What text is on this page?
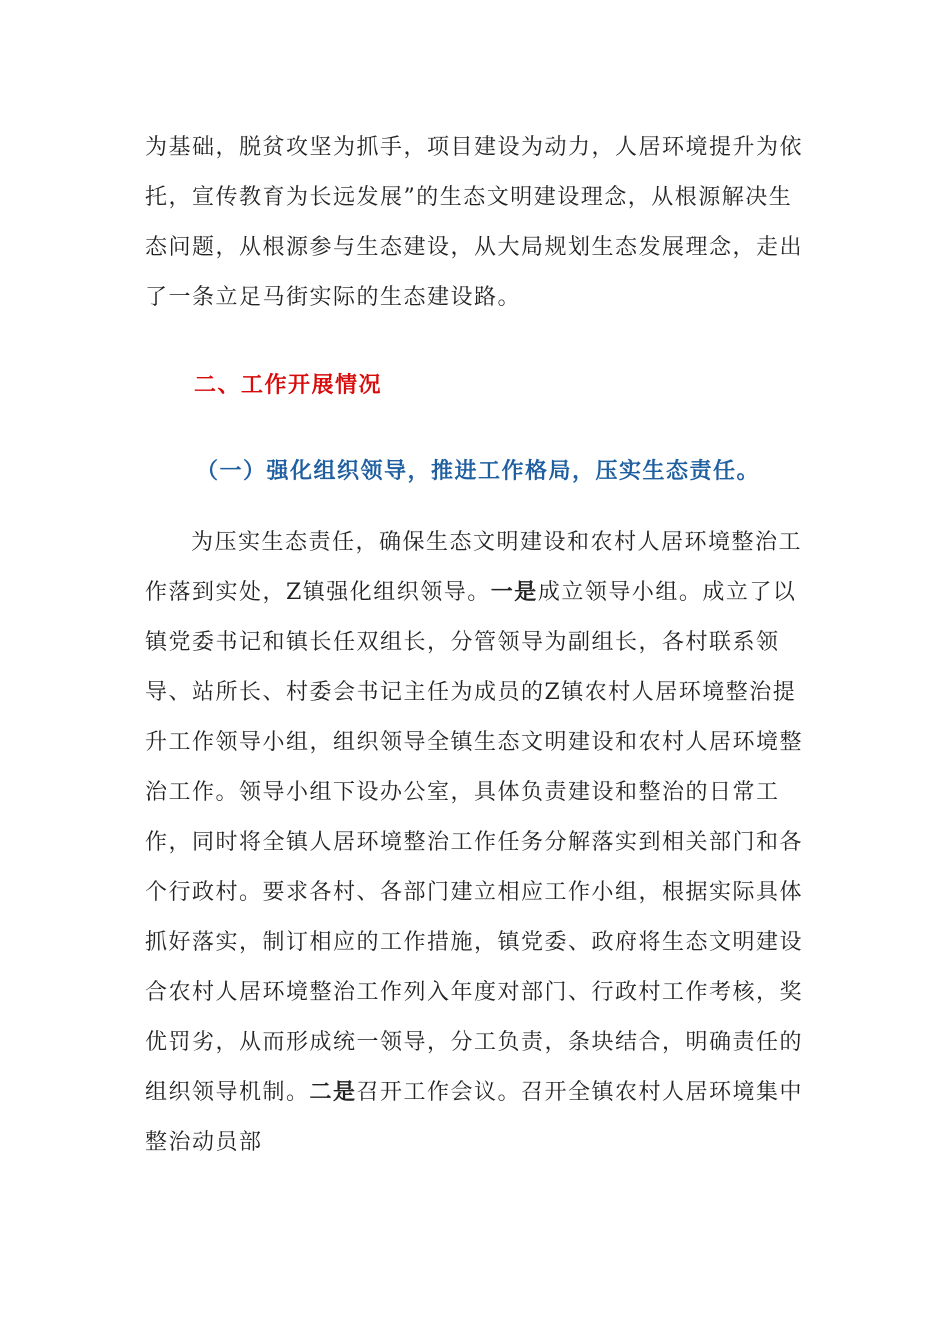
为基础，脱贫攻坚为抓手，项目建设为动力，人居环境提升为依托，宣传教育为长远发展”的生态文明建设理念，从根源解决生态问题，从根源参与生态建设，从大局规划生态发展理念，走出了一条立足马街实际的生态建设路。

二、工作开展情况
（一）强化组织领导，推进工作格局，压实生态责任。

为压实生态责任，确保生态文明建设和农村人居环境整治工作落到实处，Z镇强化组织领导。一是成立领导小组。成立了以镇党委书记和镇长任双组长，分管领导为副组长，各村联系领导、站所长、村委会书记主任为成员的Z镇农村人居环境整治提升工作领导小组，组织领导全镇生态文明建设和农村人居环境整治工作。领导小组下设办公室，具体负责建设和整治的日常工作，同时将全镇人居环境整治工作任务分解落实到相关部门和各个行政村。要求各村、各部门建立相应工作小组，根据实际具体抓好落实，制订相应的工作措施，镇党委、政府将生态文明建设合农村人居环境整治工作列入年度对部门、行政村工作考核，奖优罚劣，从而形成统一领导，分工负责，条块结合，明确责任的组织领导机制。二是召开工作会议。召开全镇农村人居环境集中整治动员部
